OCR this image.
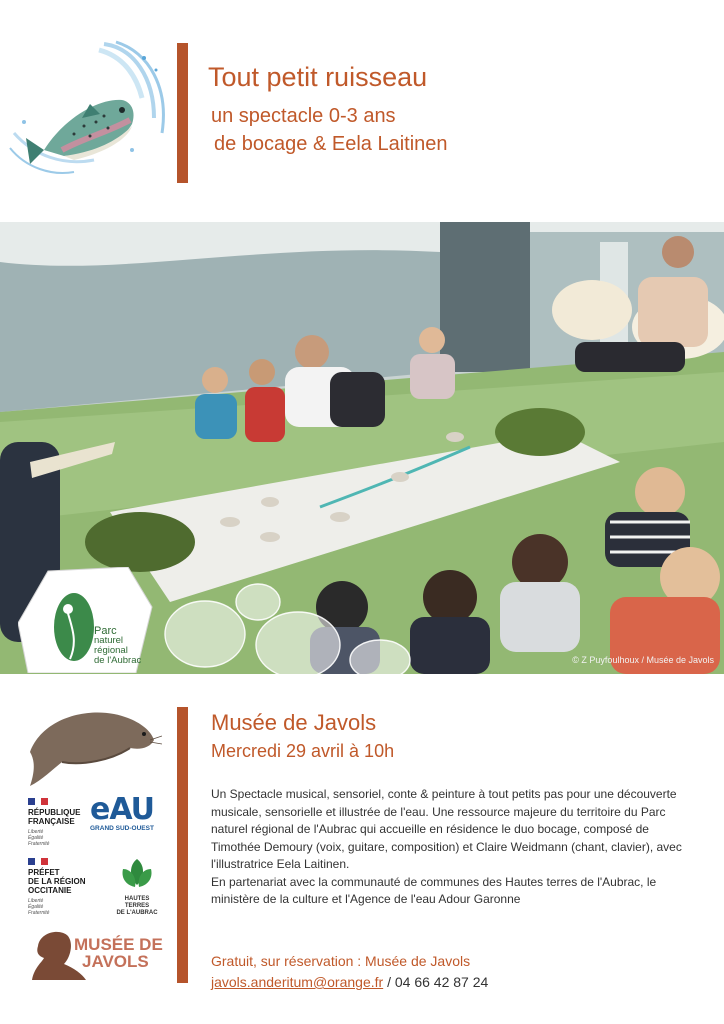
Tout petit ruisseau
un spectacle 0-3 ans
de bocage & Eela Laitinen
© Z Puyfoulhoux / Musée de Javols
Parc
naturel
régional
de l'Aubrac
Musée de Javols
Mercredi 29 avril à 10h

Un Spectacle musical, sensoriel, conte & peinture à tout petits pas pour une découverte musicale, sensorielle et illustrée de l'eau. Une ressource majeure du territoire du Parc naturel régional de l'Aubrac qui accueille en résidence le duo bocage, composé de Timothée Demoury (voix, guitare, composition) et Claire Weidmann (chant, clavier), avec l'illustratrice Eela Laitinen.

En partenariat avec la communauté de communes des Hautes terres de l'Aubrac, le ministère de la culture et l'Agence de l'eau Adour Garonne

Gratuit, sur réservation : Musée de Javols
javols.anderitum@orange.fr / 04 66 42 87 24
RÉPUBLIQUE
FRANÇAISE
Liberté
Égalité
Fraternité
PRÉFET
DE LA RÉGION
OCCITANIE
Liberté
Égalité
Fraternité
eAU
GRAND SUD-OUEST
HAUTES TERRES
DE L'AUBRAC
MUSÉE DE
JAVOLS
